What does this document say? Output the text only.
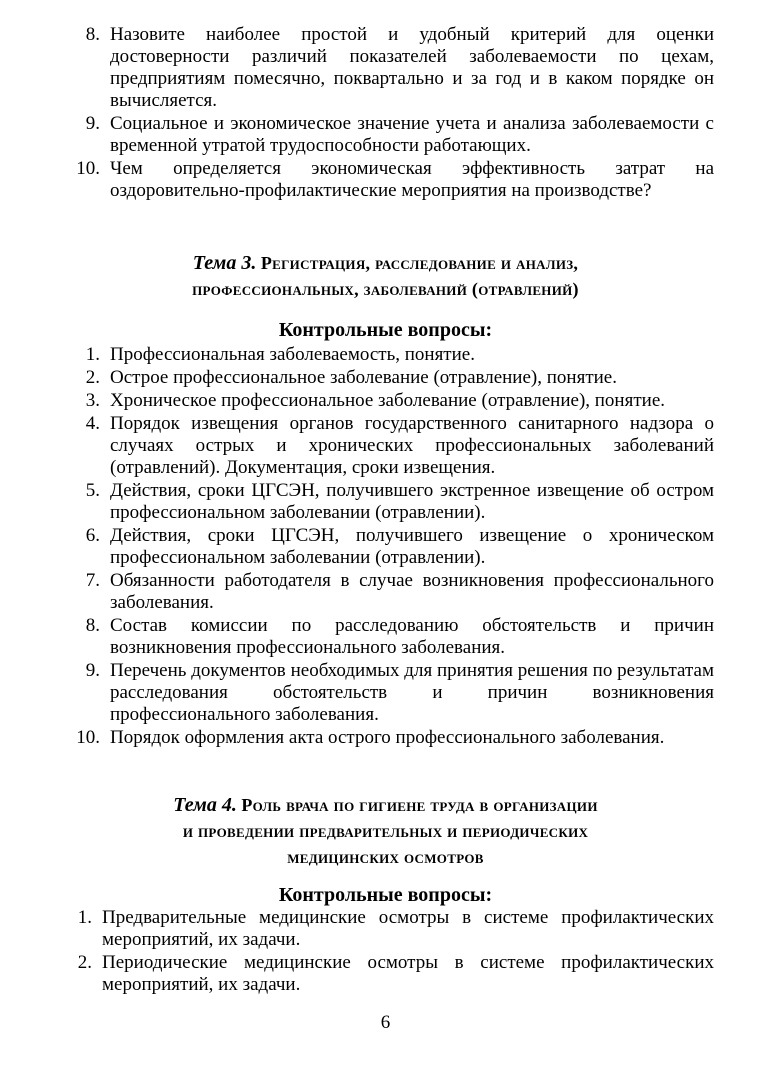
8. Назовите наиболее простой и удобный критерий для оценки достоверности различий показателей заболеваемости по цехам, предприятиям помесячно, поквартально и за год и в каком порядке он вычисляется.
9. Социальное и экономическое значение учета и анализа заболеваемости с временной утратой трудоспособности работающих.
10. Чем определяется экономическая эффективность затрат на оздоровительно-профилактические мероприятия на производстве?
Тема 3. Регистрация, расследование и анализ,
профессиональных, заболеваний (отравлений)
Контрольные вопросы:
1. Профессиональная заболеваемость, понятие.
2. Острое профессиональное заболевание (отравление), понятие.
3. Хроническое профессиональное заболевание (отравление), понятие.
4. Порядок извещения органов государственного санитарного надзора о случаях острых и хронических профессиональных заболеваний (отравлений). Документация, сроки извещения.
5. Действия, сроки ЦГСЭН, получившего экстренное извещение об остром профессиональном заболевании (отравлении).
6. Действия, сроки ЦГСЭН, получившего извещение о хроническом профессиональном заболевании (отравлении).
7. Обязанности работодателя в случае возникновения профессионального заболевания.
8. Состав комиссии по расследованию обстоятельств и причин возникновения профессионального заболевания.
9. Перечень документов необходимых для принятия решения по результатам расследования обстоятельств и причин возникновения профессионального заболевания.
10. Порядок оформления акта острого профессионального заболевания.
Тема 4. Роль врача по гигиене труда в организации
и проведении предварительных и периодических
медицинских осмотров
Контрольные вопросы:
1. Предварительные медицинские осмотры в системе профилактических мероприятий, их задачи.
2. Периодические медицинские осмотры в системе профилактических мероприятий, их задачи.
6
